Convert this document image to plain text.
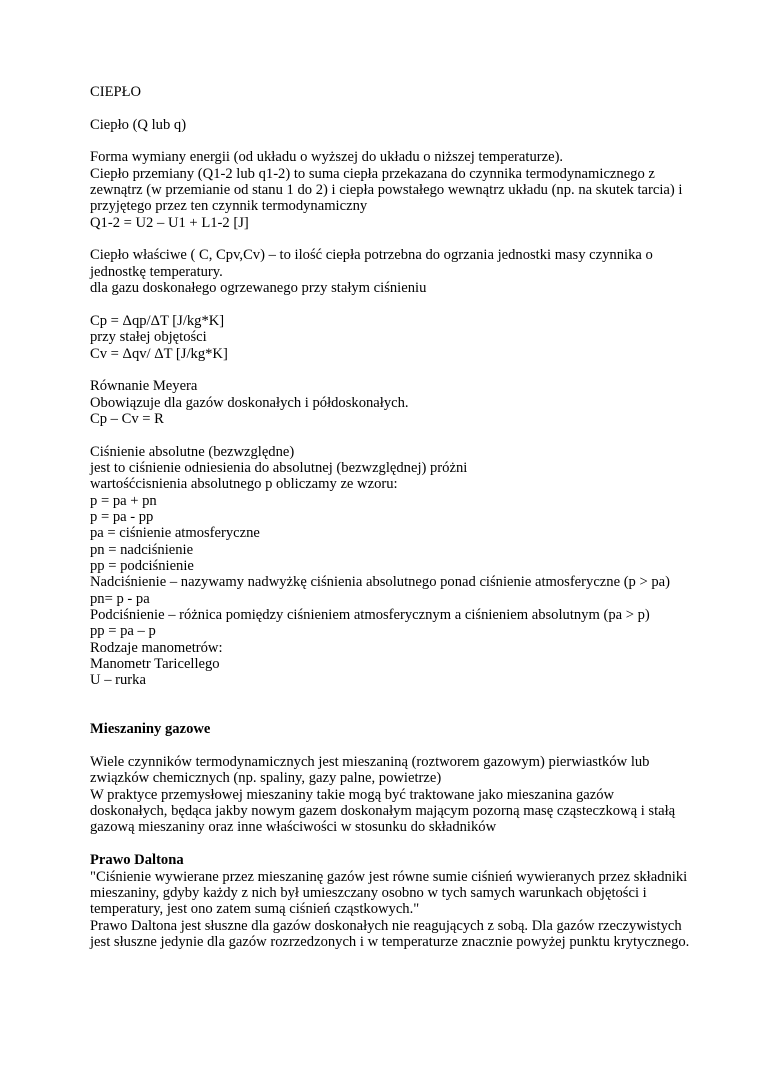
CIEPŁO

Ciepło (Q lub q)

Forma wymiany energii (od układu o wyższej do układu o niższej temperaturze).
Ciepło przemiany (Q1-2 lub q1-2) to suma ciepła przekazana do czynnika termodynamicznego z
zewnątrz (w przemianie od stanu 1 do 2) i ciepła powstałego wewnątrz układu (np. na skutek tarcia) i
przyjętego przez ten czynnik termodynamiczny
Q1-2 = U2 – U1 + L1-2 [J]

Ciepło właściwe ( C, Cpv,Cv) – to ilość ciepła potrzebna do ogrzania jednostki masy czynnika o
jednostkę temperatury.
dla gazu doskonałego ogrzewanego przy stałym ciśnieniu

Cp = Δqp/ΔT [J/kg*K]
przy stałej objętości
Cv = Δqv/ ΔT [J/kg*K]

Równanie Meyera
Obowiązuje dla gazów doskonałych i półdoskonałych.
Cp – Cv = R

Ciśnienie absolutne (bezwzględne)
jest to ciśnienie odniesienia do absolutnej (bezwzględnej) próżni
wartośćcisnienia absolutnego p obliczamy ze wzoru:
p = pa + pn
p = pa - pp
pa = ciśnienie atmosferyczne
pn = nadciśnienie
pp = podciśnienie
Nadciśnienie – nazywamy nadwyżkę ciśnienia absolutnego ponad ciśnienie atmosferyczne (p > pa)
pn= p - pa
Podciśnienie – różnica pomiędzy ciśnieniem atmosferycznym a ciśnieniem absolutnym (pa > p)
pp = pa – p
Rodzaje manometrów:
Manometr Taricellego
U – rurka

Mieszaniny gazowe

Wiele czynników termodynamicznych jest mieszaniną (roztworem gazowym) pierwiastków lub
związków chemicznych (np. spaliny, gazy palne, powietrze)
W praktyce przemysłowej mieszaniny takie mogą być traktowane jako mieszanina gazów
doskonałych, będąca jakby nowym gazem doskonałym mającym pozorną masę cząsteczkową i stałą
gazową mieszaniny oraz inne właściwości w stosunku do składników

Prawo Daltona

"Ciśnienie wywierane przez mieszaninę gazów jest równe sumie ciśnień wywieranych przez składniki
mieszaniny, gdyby każdy z nich był umieszczany osobno w tych samych warunkach objętości i
temperatury, jest ono zatem sumą ciśnień cząstkowych."
Prawo Daltona jest słuszne dla gazów doskonałych nie reagujących z sobą. Dla gazów rzeczywistych
jest słuszne jedynie dla gazów rozrzedzonych i w temperaturze znacznie powyżej punktu krytycznego.
